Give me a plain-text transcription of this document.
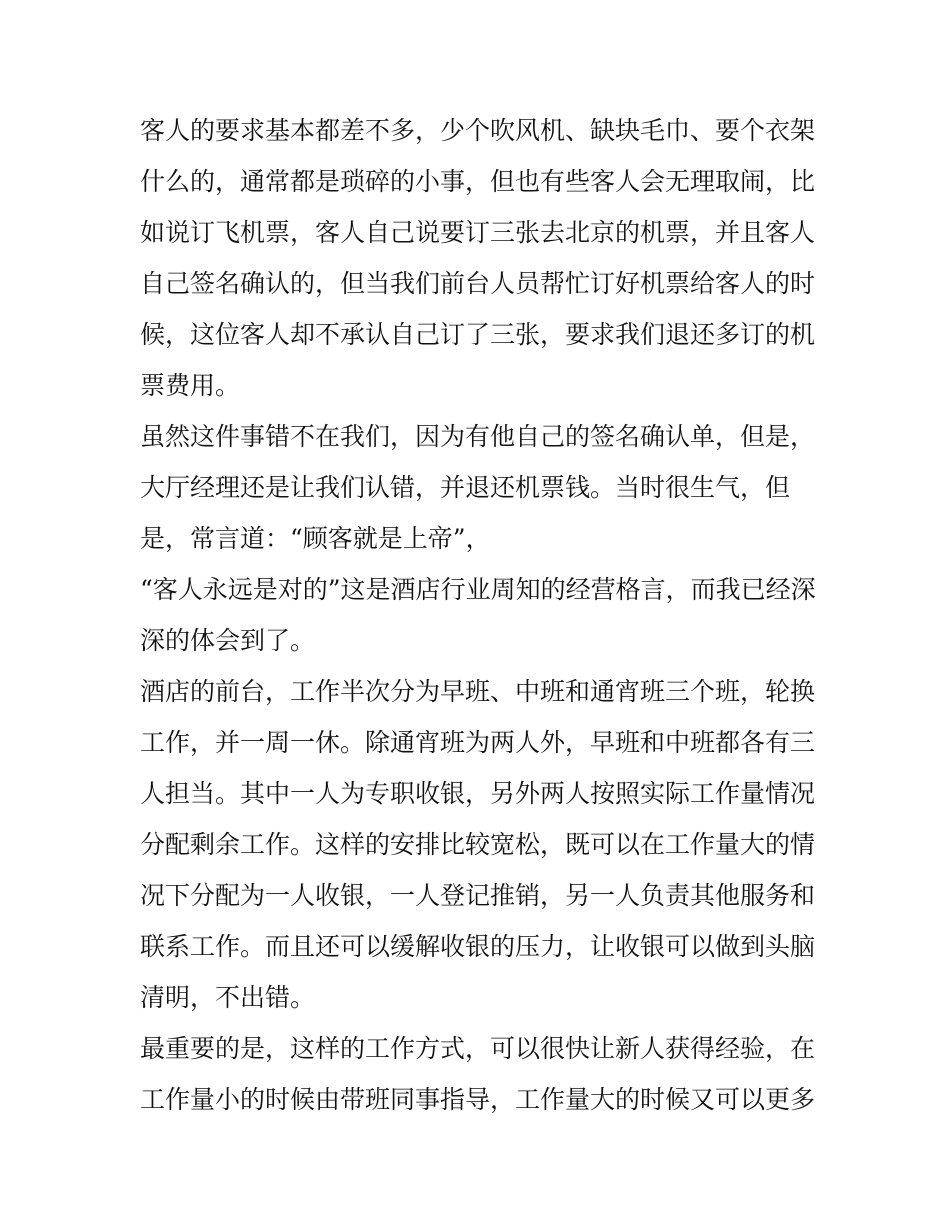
客人的要求基本都差不多，少个吹风机、缺块毛巾、要个衣架
什么的，通常都是琐碎的小事，但也有些客人会无理取闹，比
如说订飞机票，客人自己说要订三张去北京的机票，并且客人
自己签名确认的，但当我们前台人员帮忙订好机票给客人的时
候，这位客人却不承认自己订了三张，要求我们退还多订的机
票费用。
虽然这件事错不在我们，因为有他自己的签名确认单，但是，
大厅经理还是让我们认错，并退还机票钱。当时很生气，但
是，常言道：“顾客就是上帝”，
“客人永远是对的”这是酒店行业周知的经营格言，而我已经深
深的体会到了。
酒店的前台，工作半次分为早班、中班和通宵班三个班，轮换
工作，并一周一休。除通宵班为两人外，早班和中班都各有三
人担当。其中一人为专职收银，另外两人按照实际工作量情况
分配剩余工作。这样的安排比较宽松，既可以在工作量大的情
况下分配为一人收银，一人登记推销，另一人负责其他服务和
联系工作。而且还可以缓解收银的压力，让收银可以做到头脑
清明，不出错。
最重要的是，这样的工作方式，可以很快让新人获得经验，在
工作量小的时候由带班同事指导，工作量大的时候又可以更多
